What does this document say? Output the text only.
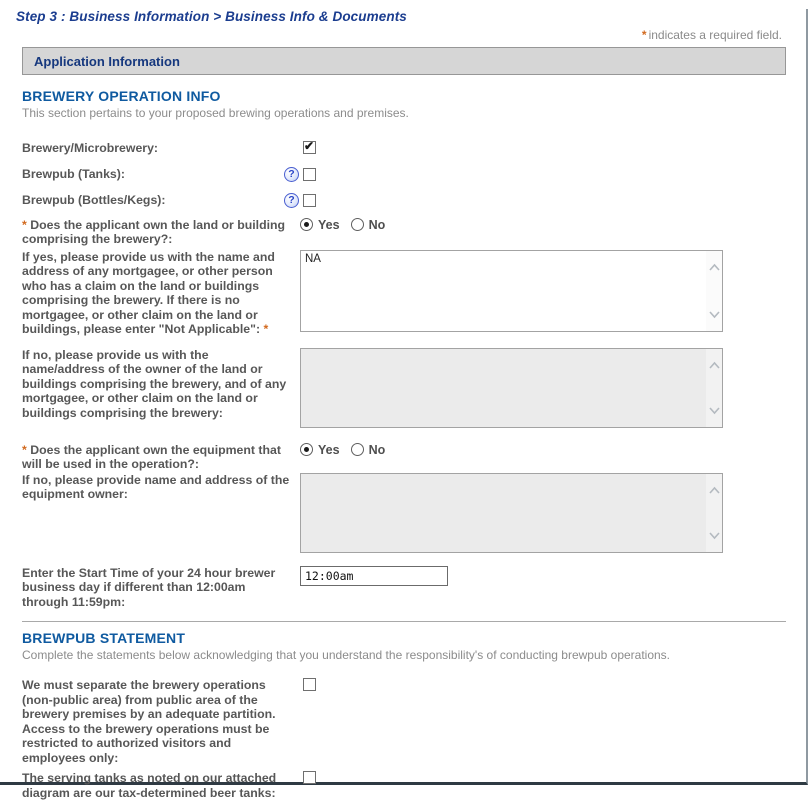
Step 3 : Business Information > Business Info & Documents
* indicates a required field.
Application Information
BREWERY OPERATION INFO
This section pertains to your proposed brewing operations and premises.
Brewery/Microbrewery:
✔
Brewpub (Tanks):	?
Brewpub (Bottles/Kegs):	?
* Does the applicant own the land or building comprising the brewery?:
Yes No
If yes, please provide us with the name and address of any mortgagee, or other person who has a claim on the land or buildings comprising the brewery. If there is no mortgagee, or other claim on the land or buildings, please enter "Not Applicable": *
NA
If no, please provide us with the name/address of the owner of the land or buildings comprising the brewery, and of any mortgagee, or other claim on the land or buildings comprising the brewery:
* Does the applicant own the equipment that will be used in the operation?:
Yes No
If no, please provide name and address of the equipment owner:
Enter the Start Time of your 24 hour brewer business day if different than 12:00am through 11:59pm:
12:00am
BREWPUB STATEMENT
Complete the statements below acknowledging that you understand the responsibility's of conducting brewpub operations.
We must separate the brewery operations (non-public area) from public area of the brewery premises by an adequate partition. Access to the brewery operations must be restricted to authorized visitors and employees only:
The serving tanks as noted on our attached diagram are our tax-determined beer tanks:
